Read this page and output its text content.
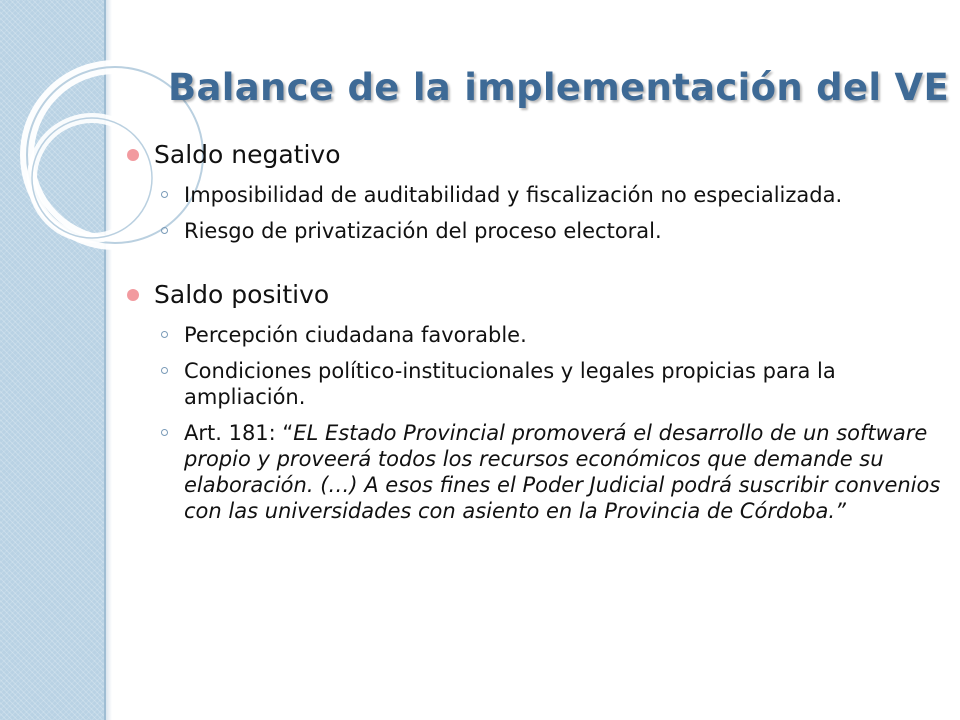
Balance de la implementación del VE
Saldo negativo
Imposibilidad de auditabilidad y fiscalización no especializada.
Riesgo de privatización del proceso electoral.
Saldo positivo
Percepción ciudadana favorable.
Condiciones político-institucionales y legales propicias para la ampliación.
Art. 181: “EL Estado Provincial promoverá el desarrollo de un software propio y proveerá todos los recursos económicos que demande su elaboración. (…) A esos fines el Poder Judicial podrá suscribir convenios con las universidades con asiento en la Provincia de Córdoba.”
